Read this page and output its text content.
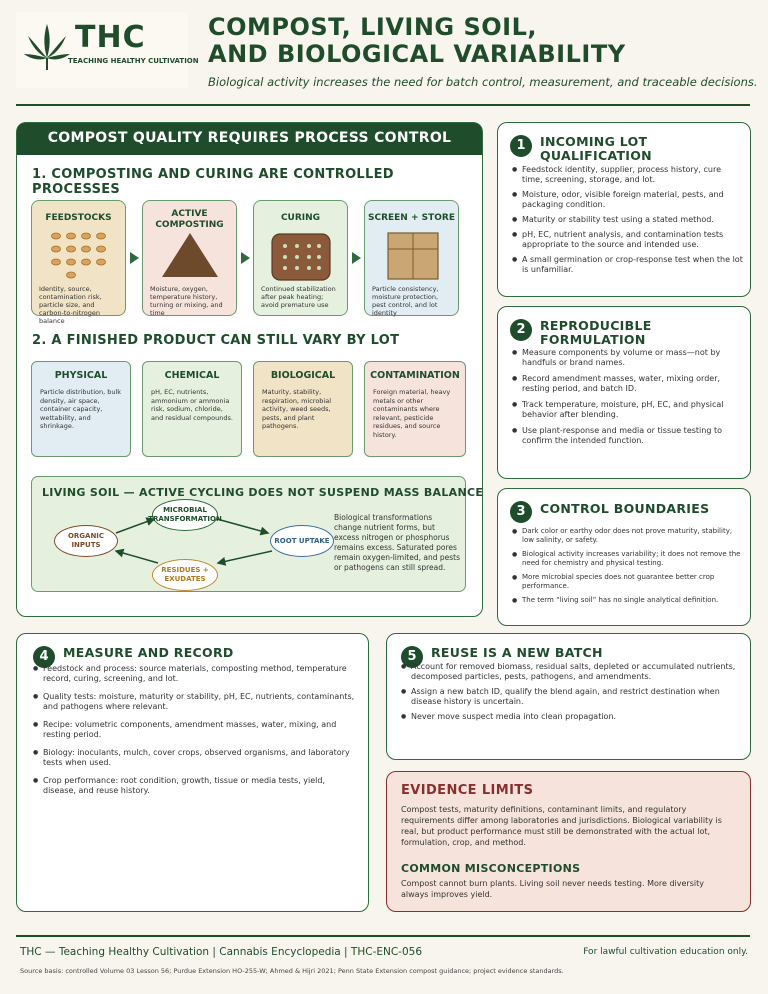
THC
TEACHING HEALTHY CULTIVATION
COMPOST, LIVING SOIL,
AND BIOLOGICAL VARIABILITY
Biological activity increases the need for batch control, measurement, and traceable decisions.
COMPOST QUALITY REQUIRES PROCESS CONTROL
1. COMPOSTING AND CURING ARE CONTROLLED PROCESSES
FEEDSTOCKS
Identity, source, contamination risk, particle size, and carbon-to-nitrogen balance
ACTIVE COMPOSTING
Moisture, oxygen, temperature history, turning or mixing, and time
CURING
Continued stabilization after peak heating; avoid premature use
SCREEN + STORE
Particle consistency, moisture protection, pest control, and lot identity
2. A FINISHED PRODUCT CAN STILL VARY BY LOT
PHYSICAL
Particle distribution, bulk density, air space, container capacity, wettability, and shrinkage.
CHEMICAL
pH, EC, nutrients, ammonium or ammonia risk, sodium, chloride, and residual compounds.
BIOLOGICAL
Maturity, stability, respiration, microbial activity, weed seeds, pests, and plant pathogens.
CONTAMINATION
Foreign material, heavy metals or other contaminants where relevant, pesticide residues, and source history.
LIVING SOIL — ACTIVE CYCLING DOES NOT SUSPEND MASS BALANCE
ORGANIC INPUTS
MICROBIAL TRANSFORMATION
ROOT UPTAKE
RESIDUES + EXUDATES
Biological transformations change nutrient forms, but excess nitrogen or phosphorus remains excess. Saturated pores remain oxygen-limited, and pests or pathogens can still spread.
1	INCOMING LOT QUALIFICATION
● Feedstock identity, supplier, process history, cure time, screening, storage, and lot.
● Moisture, odor, visible foreign material, pests, and packaging condition.
● Maturity or stability test using a stated method.
● pH, EC, nutrient analysis, and contamination tests appropriate to the source and intended use.
● A small germination or crop-response test when the lot is unfamiliar.
2	REPRODUCIBLE FORMULATION
● Measure components by volume or mass—not by handfuls or brand names.
● Record amendment masses, water, mixing order, resting period, and batch ID.
● Track temperature, moisture, pH, EC, and physical behavior after blending.
● Use plant-response and media or tissue testing to confirm the intended function.
3	CONTROL BOUNDARIES
● Dark color or earthy odor does not prove maturity, stability, low salinity, or safety.
● Biological activity increases variability; it does not remove the need for chemistry and physical testing.
● More microbial species does not guarantee better crop performance.
● The term “living soil” has no single analytical definition.
4	MEASURE AND RECORD
● Feedstock and process: source materials, composting method, temperature record, curing, screening, and lot.
● Quality tests: moisture, maturity or stability, pH, EC, nutrients, contaminants, and pathogens where relevant.
● Recipe: volumetric components, amendment masses, water, mixing, and resting period.
● Biology: inoculants, mulch, cover crops, observed organisms, and laboratory tests when used.
● Crop performance: root condition, growth, tissue or media tests, yield, disease, and reuse history.
5	REUSE IS A NEW BATCH
● Account for removed biomass, residual salts, depleted or accumulated nutrients, decomposed particles, pests, pathogens, and amendments.
● Assign a new batch ID, qualify the blend again, and restrict destination when disease history is uncertain.
● Never move suspect media into clean propagation.
EVIDENCE LIMITS
Compost tests, maturity definitions, contaminant limits, and regulatory requirements differ among laboratories and jurisdictions. Biological variability is real, but product performance must still be demonstrated with the actual lot, formulation, crop, and method.
COMMON MISCONCEPTIONS
Compost cannot burn plants. Living soil never needs testing. More diversity always improves yield.
THC — Teaching Healthy Cultivation | Cannabis Encyclopedia | THC-ENC-056	For lawful cultivation education only.
Source basis: controlled Volume 03 Lesson 56; Purdue Extension HO-255-W; Ahmed & Hijri 2021; Penn State Extension compost guidance; project evidence standards.
